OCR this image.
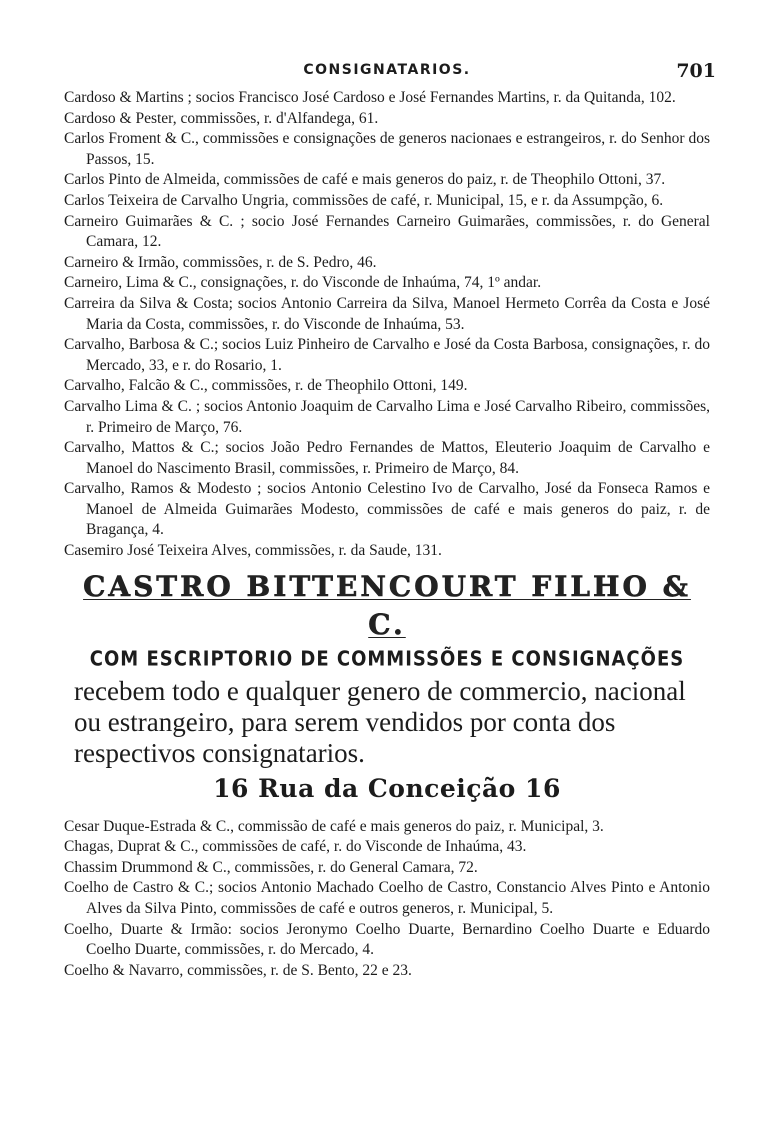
CONSIGNATARIOS.	701

Cardoso & Martins ; socios Francisco José Cardoso e José Fernandes Martins, r. da Quitanda, 102.

Cardoso & Pester, commissões, r. d'Alfandega, 61.

Carlos Froment & C., commissões e consignações de generos nacionaes e estrangeiros, r. do Senhor dos Passos, 15.

Carlos Pinto de Almeida, commissões de café e mais generos do paiz, r. de Theophilo Ottoni, 37.

Carlos Teixeira de Carvalho Ungria, commissões de café, r. Municipal, 15, e r. da Assumpção, 6.

Carneiro Guimarães & C. ; socio José Fernandes Carneiro Guimarães, commissões, r. do General Camara, 12.

Carneiro & Irmão, commissões, r. de S. Pedro, 46.

Carneiro, Lima & C., consignações, r. do Visconde de Inhaúma, 74, 1º andar.

Carreira da Silva & Costa; socios Antonio Carreira da Silva, Manoel Hermeto Corrêa da Costa e José Maria da Costa, commissões, r. do Visconde de Inhaúma, 53.

Carvalho, Barbosa & C.; socios Luiz Pinheiro de Carvalho e José da Costa Barbosa, consignações, r. do Mercado, 33, e r. do Rosario, 1.

Carvalho, Falcão & C., commissões, r. de Theophilo Ottoni, 149.

Carvalho Lima & C. ; socios Antonio Joaquim de Carvalho Lima e José Carvalho Ribeiro, commissões, r. Primeiro de Março, 76.

Carvalho, Mattos & C.; socios João Pedro Fernandes de Mattos, Eleuterio Joaquim de Carvalho e Manoel do Nascimento Brasil, commissões, r. Primeiro de Março, 84.

Carvalho, Ramos & Modesto ; socios Antonio Celestino Ivo de Carvalho, José da Fonseca Ramos e Manoel de Almeida Guimarães Modesto, commissões de café e mais generos do paiz, r. de Bragança, 4.

Casemiro José Teixeira Alves, commissões, r. da Saude, 131.

CASTRO BITTENCOURT FILHO & C.
COM ESCRIPTORIO DE COMMISSÕES E CONSIGNAÇÕES
recebem todo e qualquer genero de commercio, nacional ou estrangeiro, para serem vendidos por conta dos respectivos consignatarios.
16 Rua da Conceição 16

Cesar Duque-Estrada & C., commissão de café e mais generos do paiz, r. Municipal, 3.

Chagas, Duprat & C., commissões de café, r. do Visconde de Inhaúma, 43.

Chassim Drummond & C., commissões, r. do General Camara, 72.

Coelho de Castro & C.; socios Antonio Machado Coelho de Castro, Constancio Alves Pinto e Antonio Alves da Silva Pinto, commissões de café e outros generos, r. Municipal, 5.

Coelho, Duarte & Irmão: socios Jeronymo Coelho Duarte, Bernardino Coelho Duarte e Eduardo Coelho Duarte, commissões, r. do Mercado, 4.

Coelho & Navarro, commissões, r. de S. Bento, 22 e 23.
